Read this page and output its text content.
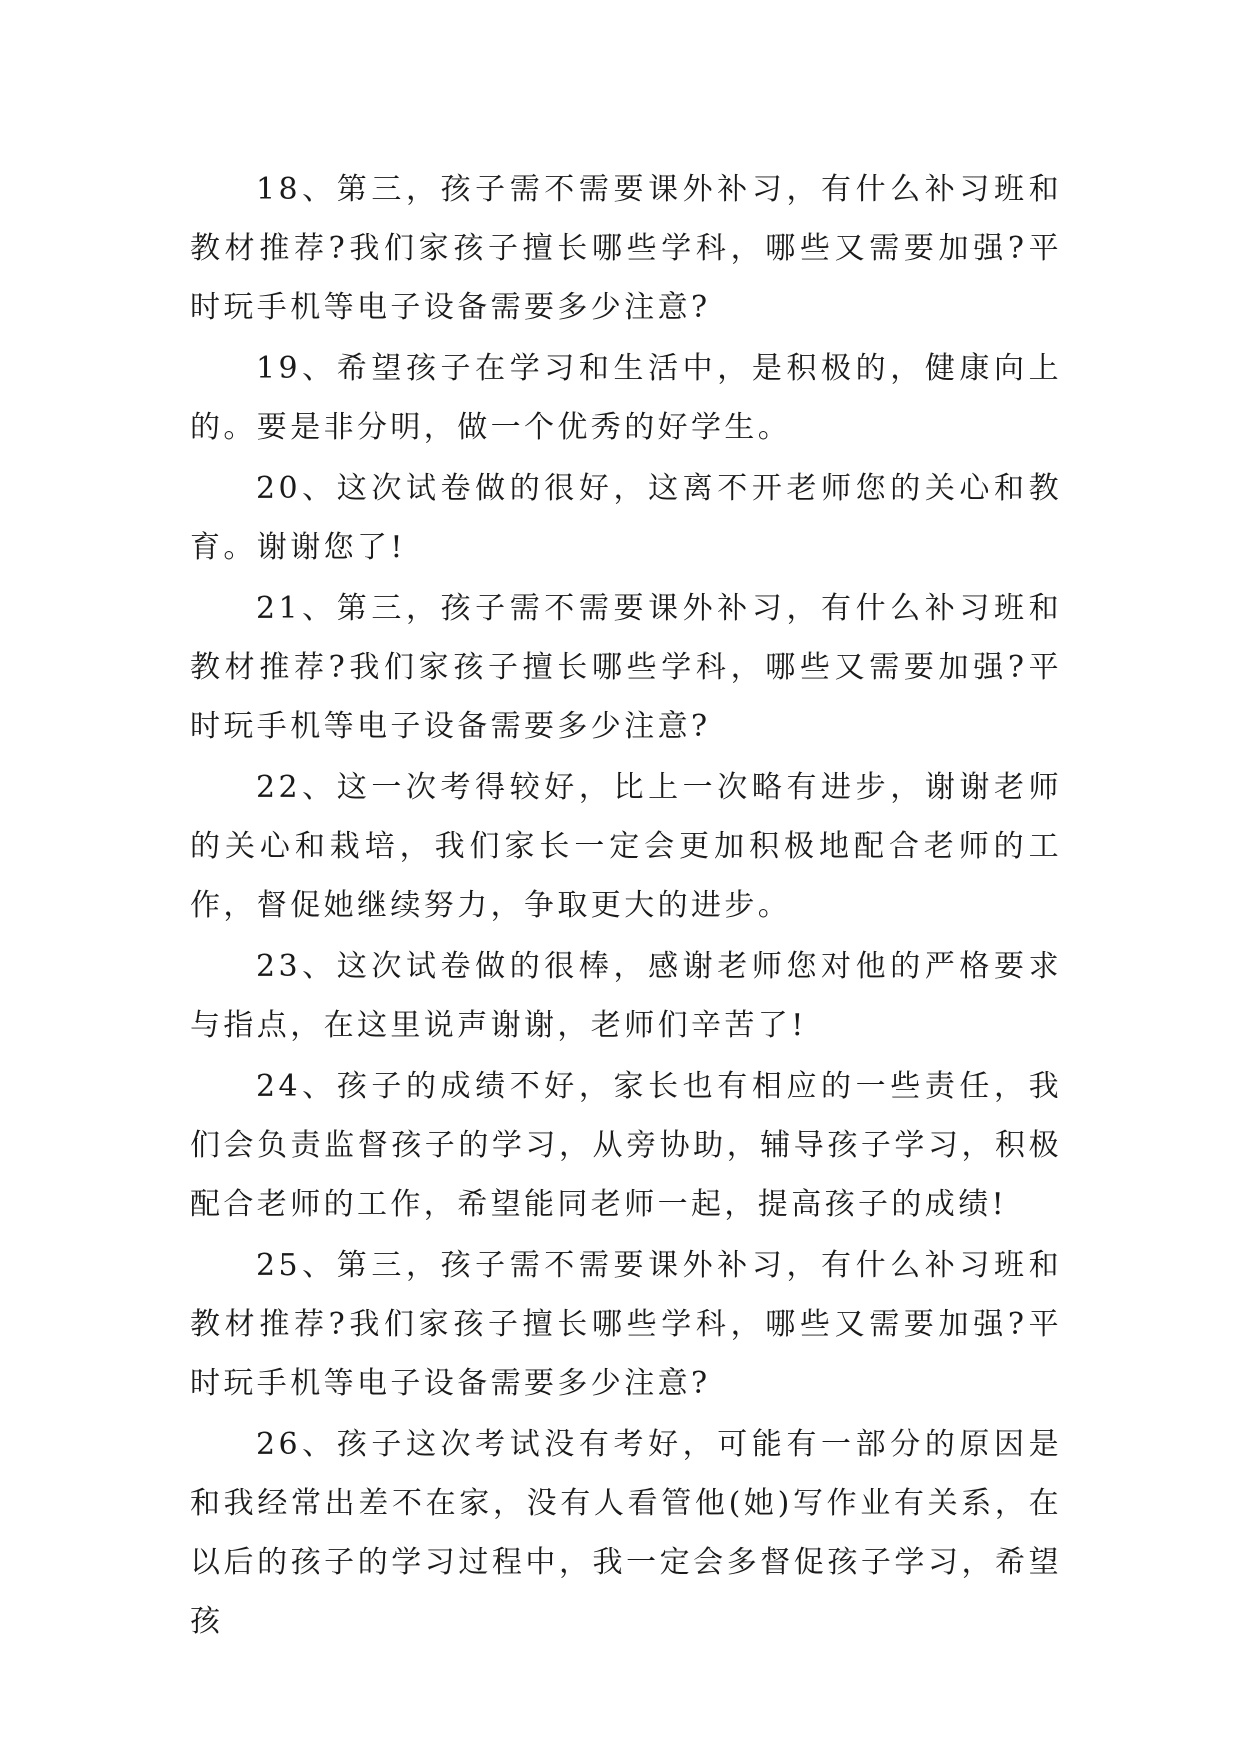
18、第三，孩子需不需要课外补习，有什么补习班和教材推荐?我们家孩子擅长哪些学科，哪些又需要加强?平时玩手机等电子设备需要多少注意?

19、希望孩子在学习和生活中，是积极的，健康向上的。要是非分明，做一个优秀的好学生。

20、这次试卷做的很好，这离不开老师您的关心和教育。谢谢您了!

21、第三，孩子需不需要课外补习，有什么补习班和教材推荐?我们家孩子擅长哪些学科，哪些又需要加强?平时玩手机等电子设备需要多少注意?

22、这一次考得较好，比上一次略有进步，谢谢老师的关心和栽培，我们家长一定会更加积极地配合老师的工作，督促她继续努力，争取更大的进步。

23、这次试卷做的很棒，感谢老师您对他的严格要求与指点，在这里说声谢谢，老师们辛苦了!

24、孩子的成绩不好，家长也有相应的一些责任，我们会负责监督孩子的学习，从旁协助，辅导孩子学习，积极配合老师的工作，希望能同老师一起，提高孩子的成绩!

25、第三，孩子需不需要课外补习，有什么补习班和教材推荐?我们家孩子擅长哪些学科，哪些又需要加强?平时玩手机等电子设备需要多少注意?

26、孩子这次考试没有考好，可能有一部分的原因是和我经常出差不在家，没有人看管他(她)写作业有关系，在以后的孩子的学习过程中，我一定会多督促孩子学习，希望孩
